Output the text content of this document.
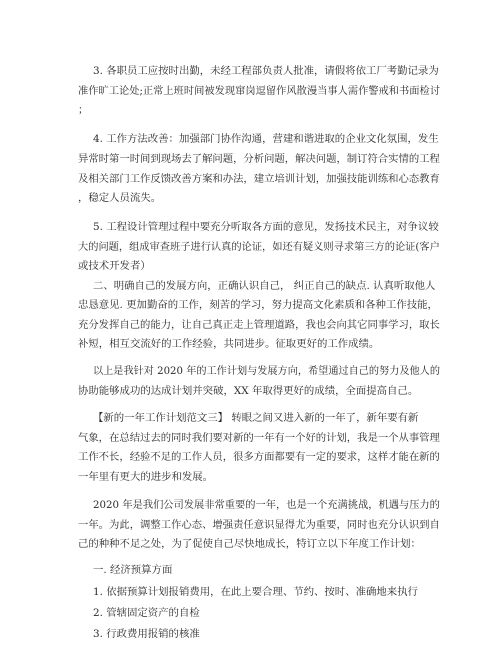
3. 各职员工应按时出勤，未经工程部负责人批准，请假将依工厂考勤记录为
准作旷工论处;正常上班时间被发现窜岗逗留作风散漫当事人需作警戒和书面检讨
；
4. 工作方法改善：加强部门协作沟通，营建和谐进取的企业文化氛围，发生
异常时第一时间到现场去了解问题，分析问题，解决问题，制订符合实情的工程
及相关部门工作反馈改善方案和办法，建立培训计划，加强技能训练和心态教育
，稳定人员流失。
5. 工程设计管理过程中要充分听取各方面的意见，发扬技术民主，对争议较
大的问题，组成审查班子进行认真的论证，如还有疑义则寻求第三方的论证(客户
或技术开发者）
二、明确自己的发展方向，正确认识自己， 纠正自己的缺点. 认真听取他人
忠恳意见. 更加勤奋的工作，刻苦的学习，努力提高文化素质和各种工作技能，
充分发挥自己的能力，让自己真正走上管理道路，我也会向其它同事学习，取长
补短，相互交流好的工作经验，共同进步。征取更好的工作成绩。
以上是我针对 2020 年的工作计划与发展方向，希望通过自己的努力及他人的
协助能够成功的达成计划并突破，XX 年取得更好的成绩，全面提高自己。
【新的一年工作计划范文三】 转眼之间又进入新的一年了，新年要有新
气象，在总结过去的同时我们要对新的一年有一个好的计划，我是一个从事管理
工作不长，经验不足的工作人员，很多方面都要有一定的要求，这样才能在新的
一年里有更大的进步和发展。
2020 年是我们公司发展非常重要的一年，也是一个充满挑战，机遇与压力的
一年。为此，调整工作心态、增强责任意识显得尤为重要，同时也充分认识到自
己的种种不足之处，为了促使自己尽快地成长，特订立以下年度工作计划：
一. 经济预算方面
1. 依据预算计划报销费用，在此上要合理、节约、按时、准确地来执行
2. 管辖固定资产的自检
3. 行政费用报销的核准
